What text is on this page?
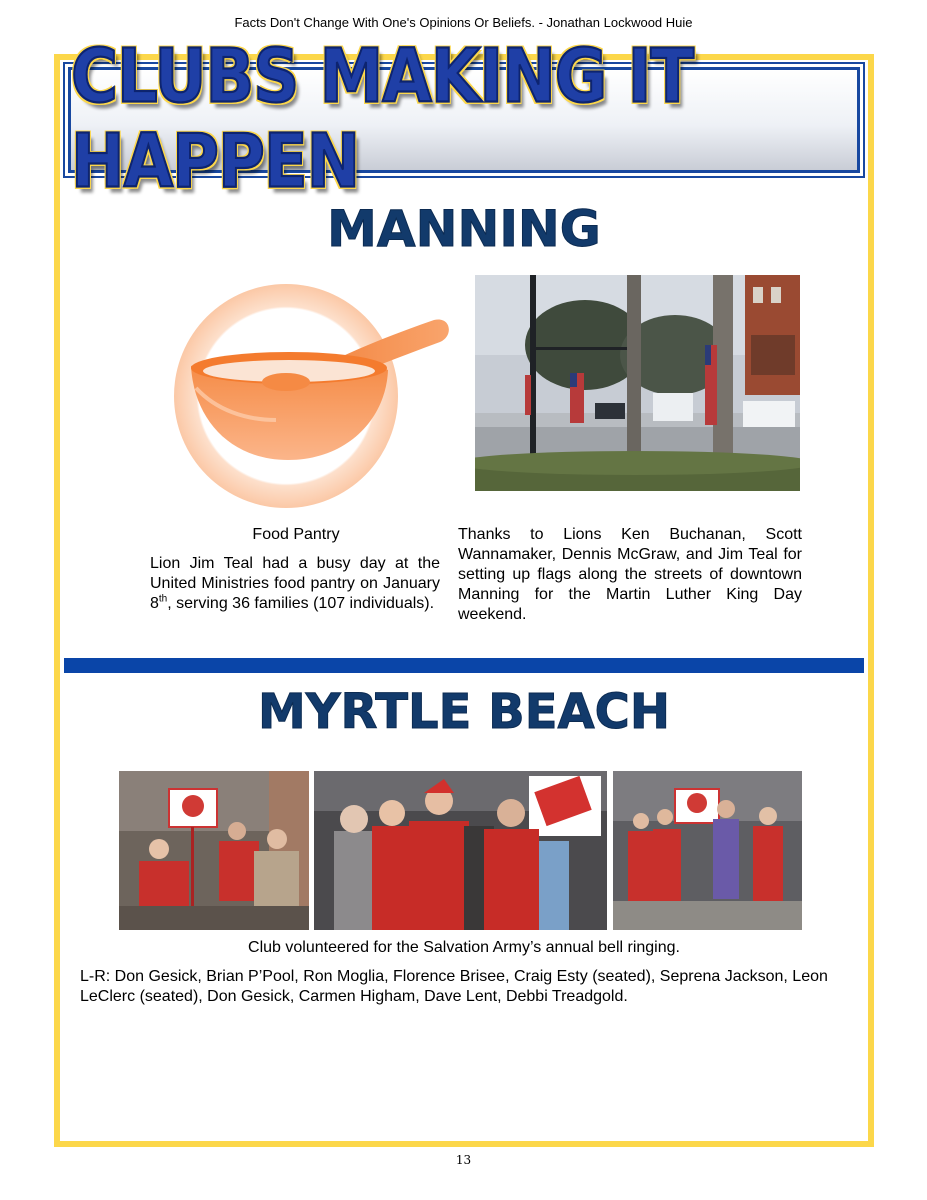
Facts Don't Change With One's Opinions Or Beliefs. - Jonathan Lockwood Huie
CLUBS MAKING IT HAPPEN
MANNING
Food Pantry
Lion Jim Teal had a busy day at the United Ministries food pantry on January 8th, serving 36 families (107 individuals).
Thanks to Lions Ken Buchanan, Scott Wannamaker, Dennis McGraw, and Jim Teal for setting up flags along the streets of downtown Manning for the Martin Luther King Day weekend.
MYRTLE BEACH
Club volunteered for the Salvation Army’s annual bell ringing.
L-R: Don Gesick, Brian P’Pool, Ron Moglia, Florence Brisee, Craig Esty (seated), Seprena Jackson, Leon LeClerc (seated), Don Gesick, Carmen Higham, Dave Lent, Debbi Treadgold.
13
